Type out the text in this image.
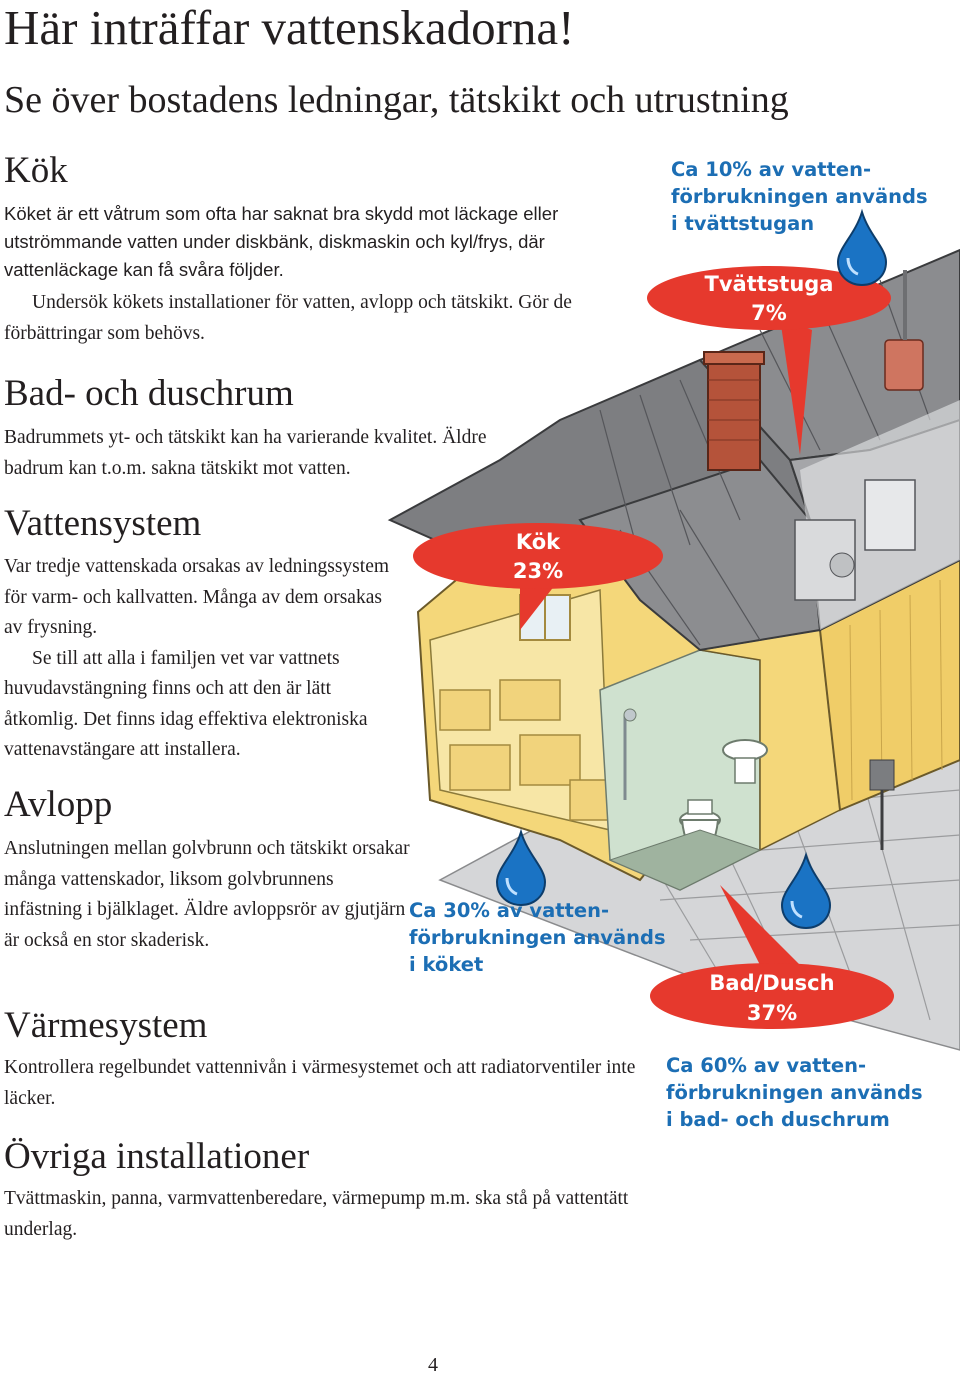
Tvättstuga
7%
Kök
23%
Bad/Dusch
37%
Ca 10% av vatten-
förbrukningen används
i tvättstugan
Ca 30% av vatten-
förbrukningen används
i köket
Ca 60% av vatten-
förbrukningen används
i bad- och duschrum
Här inträffar vattenskadorna!
Se över bostadens ledningar, tätskikt och utrustning
Kök

Köket är ett våtrum som ofta har saknat bra skydd mot läckage eller utströmmande vatten under diskbänk, diskmaskin och kyl/frys, där vattenläckage kan få svåra följder.

Undersök kökets installationer för vatten, avlopp och tätskikt. Gör de förbättringar som behövs.

Bad- och duschrum

Badrummets yt- och tätskikt kan ha varierande kvalitet. Äldre badrum kan t.o.m. sakna tätskikt mot vatten.

Vattensystem

Var tredje vattenskada orsakas av ledningssystem för varm- och kallvatten. Många av dem orsakas av frysning.

Se till att alla i familjen vet var vattnets huvudavstängning finns och att den är lätt åtkomlig. Det finns idag effektiva elektroniska vattenavstängare att installera.

Avlopp

Anslutningen mellan golvbrunn och tätskikt orsakar många vattenskador, liksom golvbrunnens infästning i bjälklaget. Äldre avloppsrör av gjutjärn är också en stor skaderisk.

Värmesystem

Kontrollera regelbundet vattennivån i värmesystemet och att radiatorventiler inte läcker.

Övriga installationer

Tvättmaskin, panna, varmvattenberedare, värmepump m.m. ska stå på vattentätt underlag.

4
